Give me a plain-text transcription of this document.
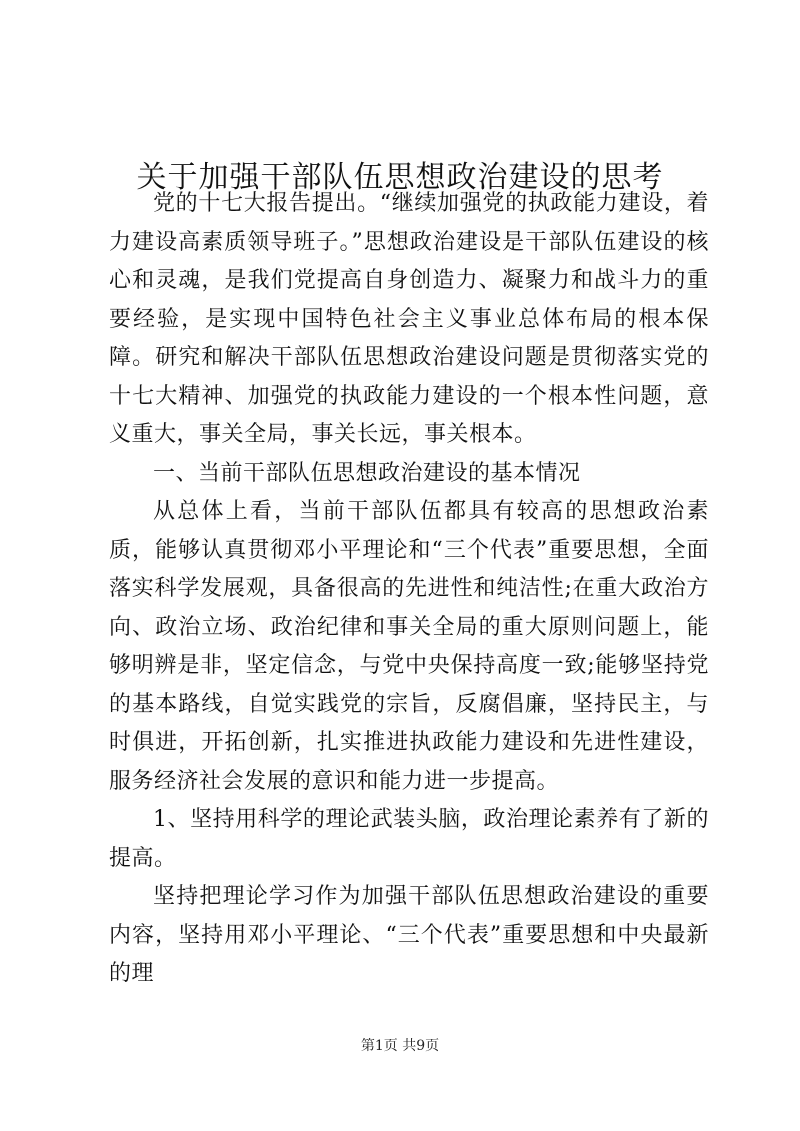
关于加强干部队伍思想政治建设的思考

党的十七大报告提出。“继续加强党的执政能力建设，着力建设高素质领导班子。”思想政治建设是干部队伍建设的核心和灵魂，是我们党提高自身创造力、凝聚力和战斗力的重要经验，是实现中国特色社会主义事业总体布局的根本保障。研究和解决干部队伍思想政治建设问题是贯彻落实党的十七大精神、加强党的执政能力建设的一个根本性问题，意义重大，事关全局，事关长远，事关根本。

一、当前干部队伍思想政治建设的基本情况

从总体上看，当前干部队伍都具有较高的思想政治素质，能够认真贯彻邓小平理论和“三个代表”重要思想，全面落实科学发展观，具备很高的先进性和纯洁性;在重大政治方向、政治立场、政治纪律和事关全局的重大原则问题上，能够明辨是非，坚定信念，与党中央保持高度一致;能够坚持党的基本路线，自觉实践党的宗旨，反腐倡廉，坚持民主，与时俱进，开拓创新，扎实推进执政能力建设和先进性建设，服务经济社会发展的意识和能力进一步提高。

1、坚持用科学的理论武装头脑，政治理论素养有了新的提高。

坚持把理论学习作为加强干部队伍思想政治建设的重要内容，坚持用邓小平理论、“三个代表”重要思想和中央最新的理

第1页 共9页
